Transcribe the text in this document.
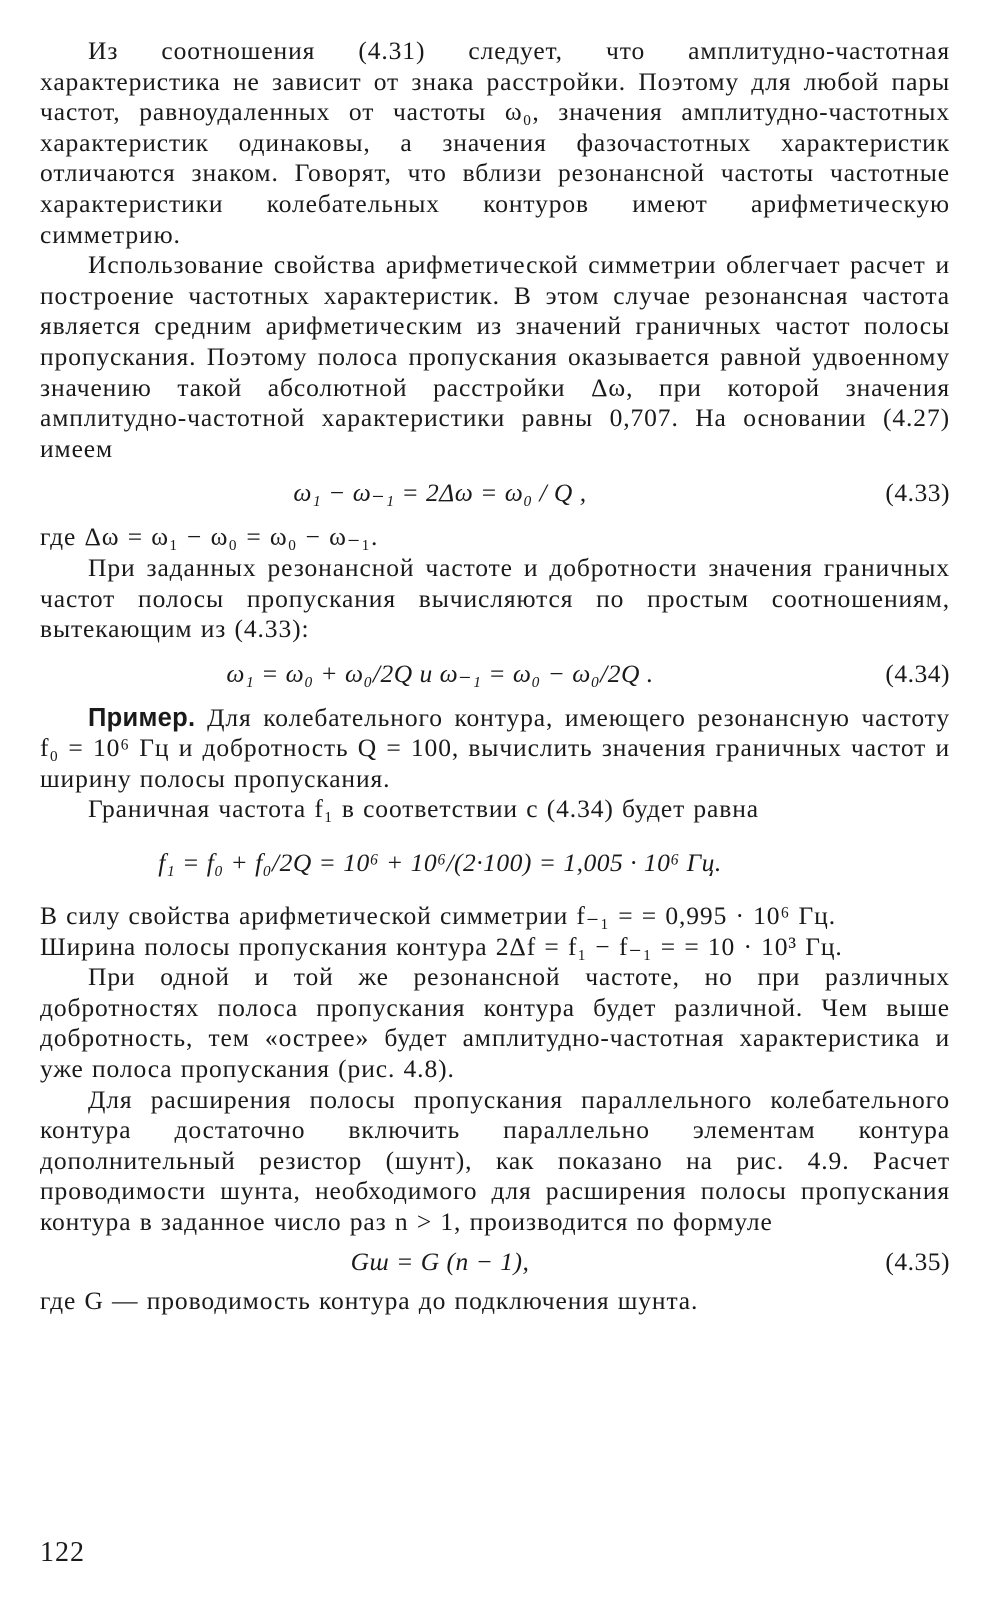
Из соотношения (4.31) следует, что амплитудно-частотная характеристика не зависит от знака расстройки. Поэтому для любой пары частот, равноудаленных от частоты ω₀, значения амплитудно-частотных характеристик одинаковы, а значения фазочастотных характеристик отличаются знаком. Говорят, что вблизи резонансной частоты частотные характеристики колебательных контуров имеют арифметическую симметрию.

Использование свойства арифметической симметрии облегчает расчет и построение частотных характеристик. В этом случае резонансная частота является средним арифметическим из значений граничных частот полосы пропускания. Поэтому полоса пропускания оказывается равной удвоенному значению такой абсолютной расстройки Δω, при которой значения амплитудно-частотной характеристики равны 0,707. На основании (4.27) имеем

ω₁ − ω₋₁ = 2Δω = ω₀ / Q ,	(4.33)

где Δω = ω₁ − ω₀ = ω₀ − ω₋₁.

При заданных резонансной частоте и добротности значения граничных частот полосы пропускания вычисляются по простым соотношениям, вытекающим из (4.33):

ω₁ = ω₀ + ω₀/2Q и ω₋₁ = ω₀ − ω₀/2Q .	(4.34)

Пример. Для колебательного контура, имеющего резонансную частоту f₀ = 10⁶ Гц и добротность Q = 100, вычислить значения граничных частот и ширину полосы пропускания.

Граничная частота f₁ в соответствии с (4.34) будет равна

f₁ = f₀ + f₀/2Q = 10⁶ + 10⁶/(2·100) = 1,005 · 10⁶ Гц.

В силу свойства арифметической симметрии f₋₁ = = 0,995 · 10⁶ Гц.

Ширина полосы пропускания контура 2Δf = f₁ − f₋₁ = = 10 · 10³ Гц.

При одной и той же резонансной частоте, но при различных добротностях полоса пропускания контура будет различной. Чем выше добротность, тем «острее» будет амплитудно-частотная характеристика и уже полоса пропускания (рис. 4.8).

Для расширения полосы пропускания параллельного колебательного контура достаточно включить параллельно элементам контура дополнительный резистор (шунт), как показано на рис. 4.9. Расчет проводимости шунта, необходимого для расширения полосы пропускания контура в заданное число раз n > 1, производится по формуле

Gш = G (n − 1),	(4.35)

где G — проводимость контура до подключения шунта.

122
